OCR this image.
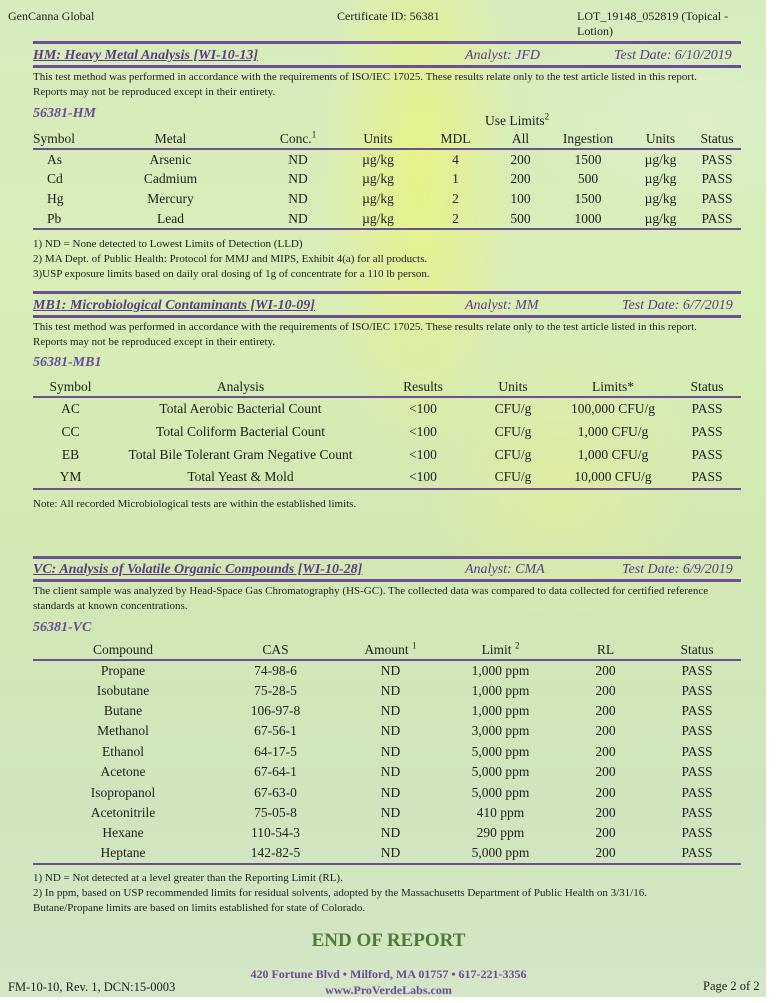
GenCanna Global	Certificate ID: 56381	LOT_19148_052819 (Topical - Lotion)
HM: Heavy Metal Analysis [WI-10-13]	Analyst: JFD	Test Date: 6/10/2019
This test method was performed in accordance with the requirements of ISO/IEC 17025. These results relate only to the test article listed in this report. Reports may not be reproduced except in their entirety.
56381-HM	Use Limits$^2$
Symbol	Metal	Conc.$^1$	Units	MDL	All	Ingestion	Units	Status
As	Arsenic	ND	µg/kg	4	200	1500	µg/kg	PASS
Cd	Cadmium	ND	µg/kg	1	200	500	µg/kg	PASS
Hg	Mercury	ND	µg/kg	2	100	1500	µg/kg	PASS
Pb	Lead	ND	µg/kg	2	500	1000	µg/kg	PASS
1) ND = None detected to Lowest Limits of Detection (LLD)
2) MA Dept. of Public Health: Protocol for MMJ and MIPS, Exhibit 4(a) for all products.
3)USP exposure limits based on daily oral dosing of 1g of concentrate for a 110 lb person.
MB1: Microbiological Contaminants [WI-10-09]	Analyst: MM	Test Date: 6/7/2019
This test method was performed in accordance with the requirements of ISO/IEC 17025. These results relate only to the test article listed in this report. Reports may not be reproduced except in their entirety.
56381-MB1
Symbol	Analysis	Results	Units	Limits*	Status
AC	Total Aerobic Bacterial Count	<100	CFU/g	100,000 CFU/g	PASS
CC	Total Coliform Bacterial Count	<100	CFU/g	1,000 CFU/g	PASS
EB	Total Bile Tolerant Gram Negative Count	<100	CFU/g	1,000 CFU/g	PASS
YM	Total Yeast & Mold	<100	CFU/g	10,000 CFU/g	PASS
Note: All recorded Microbiological tests are within the established limits.
VC: Analysis of Volatile Organic Compounds [WI-10-28]	Analyst: CMA	Test Date: 6/9/2019
The client sample was analyzed by Head-Space Gas Chromatography (HS-GC). The collected data was compared to data collected for certified reference standards at known concentrations.
56381-VC
Compound	CAS	Amount $^1$	Limit $^2$	RL	Status
Propane	74-98-6	ND	1,000 ppm	200	PASS
Isobutane	75-28-5	ND	1,000 ppm	200	PASS
Butane	106-97-8	ND	1,000 ppm	200	PASS
Methanol	67-56-1	ND	3,000 ppm	200	PASS
Ethanol	64-17-5	ND	5,000 ppm	200	PASS
Acetone	67-64-1	ND	5,000 ppm	200	PASS
Isopropanol	67-63-0	ND	5,000 ppm	200	PASS
Acetonitrile	75-05-8	ND	410 ppm	200	PASS
Hexane	110-54-3	ND	290 ppm	200	PASS
Heptane	142-82-5	ND	5,000 ppm	200	PASS
1) ND = Not detected at a level greater than the Reporting Limit (RL).
2) In ppm, based on USP recommended limits for residual solvents, adopted by the Massachusetts Department of Public Health on 3/31/16.
Butane/Propane limits are based on limits established for state of Colorado.
END OF REPORT
420 Fortune Blvd • Milford, MA 01757 • 617-221-3356
www.ProVerdeLabs.com
FM-10-10, Rev. 1, DCN:15-0003	Page 2 of 2
